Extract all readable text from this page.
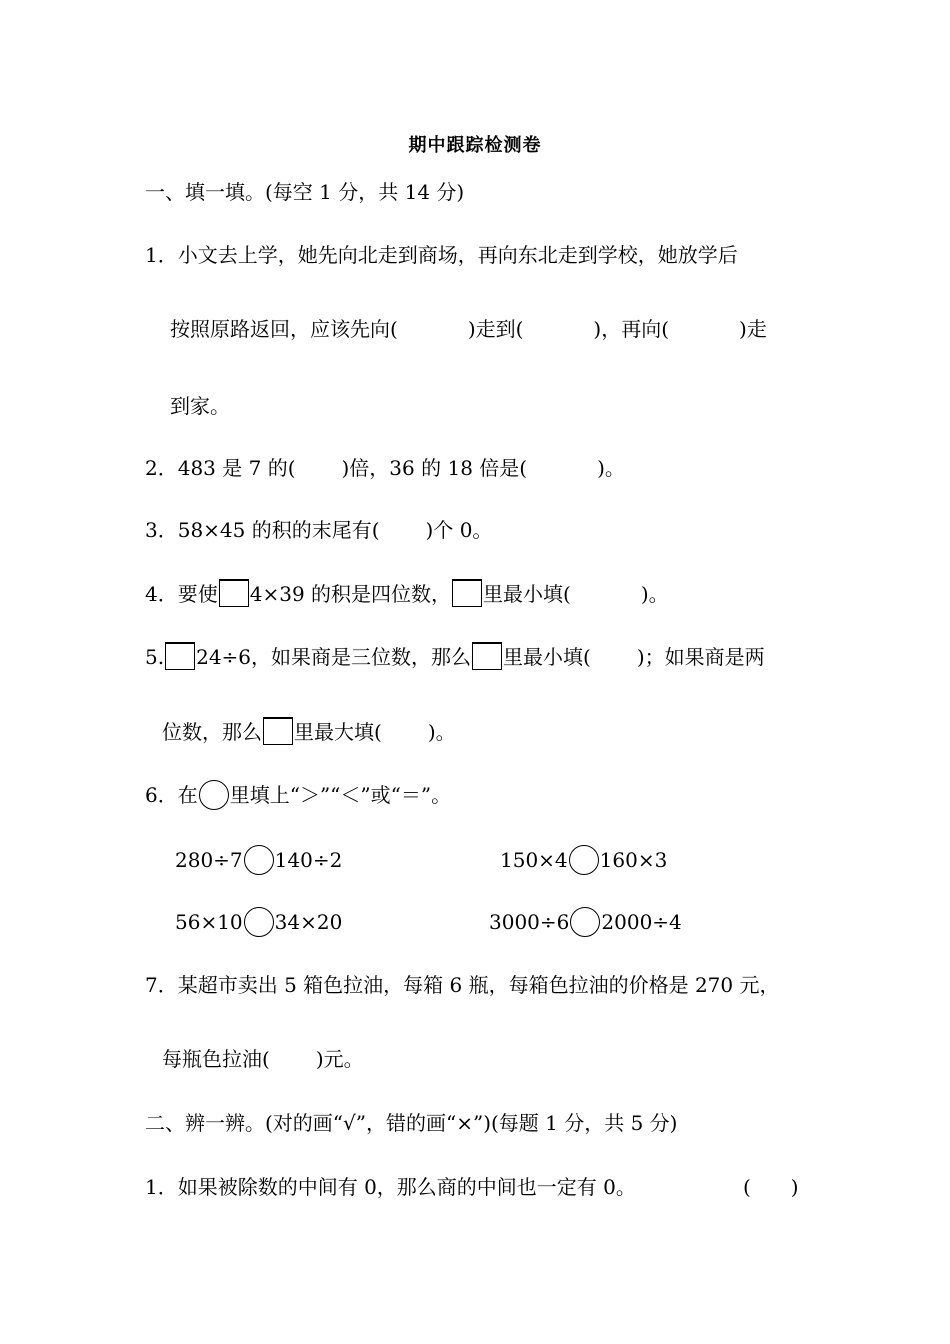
期中跟踪检测卷
一、填一填。(每空 1 分，共 14 分)
1．小文去上学，她先向北走到商场，再向东北走到学校，她放学后
按照原路返回，应该先向(	)走到(	)，再向(	)走
到家。
2．483 是 7 的( )倍，36 的 18 倍是(	)。
3．58×45 的积的末尾有( )个 0。
4．要使 4×39 的积是四位数， 里最小填(	)。
5. 24÷6，如果商是三位数，那么 里最小填( )；如果商是两
位数，那么 里最大填( )。
6．在 里填上“＞”“＜”或“＝”。
280÷7 140÷2	150×4 160×3
56×10 34×20	3000÷6 2000÷4
7．某超市卖出 5 箱色拉油，每箱 6 瓶，每箱色拉油的价格是 270 元，
每瓶色拉油( )元。
二、辨一辨。(对的画“√”，错的画“×”)(每题 1 分，共 5 分)
1．如果被除数的中间有 0，那么商的中间也一定有 0。	(　　)
